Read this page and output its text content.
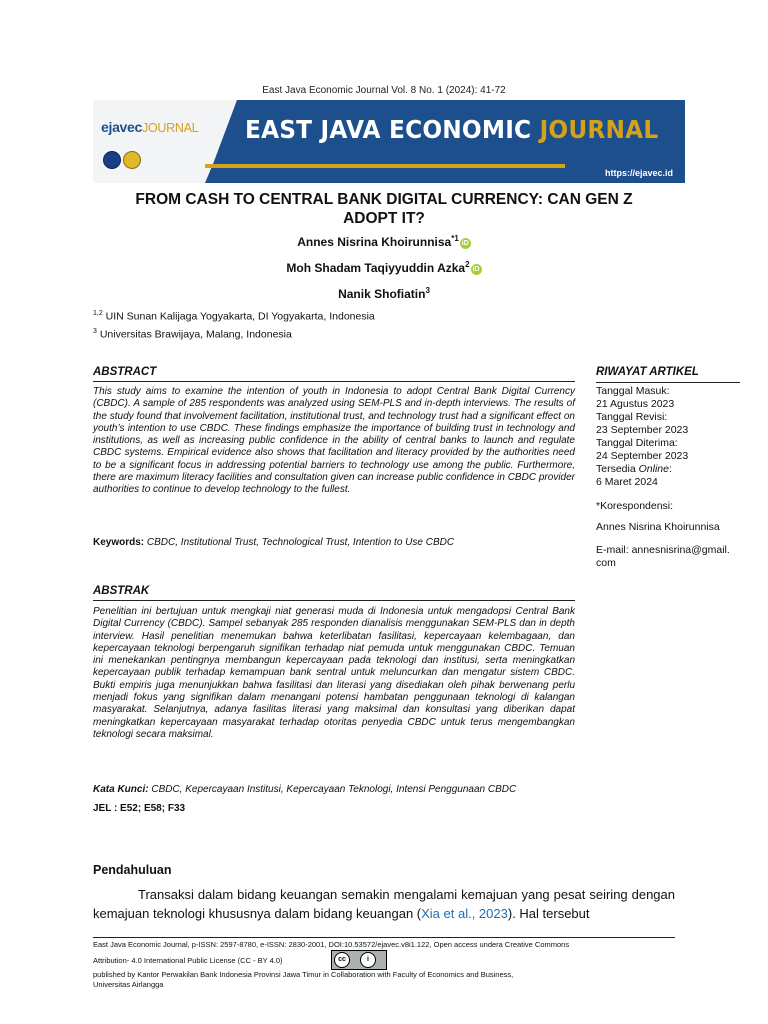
East Java Economic Journal Vol. 8 No. 1 (2024): 41-72
ejavecJOURNAL EAST JAVA ECONOMIC JOURNAL
https://ejavec.id
FROM CASH TO CENTRAL BANK DIGITAL CURRENCY: CAN GEN Z
ADOPT IT?
Annes Nisrina Khoirunnisa$^{*1}$iD
Moh Shadam Taqiyyuddin Azka$^2$iD
Nanik Shofiatin$^3$
$^{1,2}$ UIN Sunan Kalijaga Yogyakarta, DI Yogyakarta, Indonesia
$^3$ Universitas Brawijaya, Malang, Indonesia
ABSTRACT
This study aims to examine the intention of youth in Indonesia to adopt Central Bank Digital Currency (CBDC). A sample of 285 respondents was analyzed using SEM-PLS and in-depth interviews. The results of the study found that involvement facilitation, institutional trust, and technology trust had a significant effect on youth’s intention to use CBDC. These findings emphasize the importance of building trust in technology and institutions, as well as increasing public confidence in the ability of central banks to launch and regulate CBDC systems. Empirical evidence also shows that facilitation and literacy provided by the authorities need to be a significant focus in addressing potential barriers to technology use among the public. Furthermore, there are maximum literacy facilities and consultation given can increase public confidence in CBDC provider authorities to continue to develop technology to the fullest.
Keywords: CBDC, Institutional Trust, Technological Trust, Intention to Use CBDC
ABSTRAK
Penelitian ini bertujuan untuk mengkaji niat generasi muda di Indonesia untuk mengadopsi Central Bank Digital Currency (CBDC). Sampel sebanyak 285 responden dianalisis menggunakan SEM-PLS dan in depth interview. Hasil penelitian menemukan bahwa keterlibatan fasilitasi, kepercayaan kelembagaan, dan kepercayaan teknologi berpengaruh signifikan terhadap niat pemuda untuk menggunakan CBDC. Temuan ini menekankan pentingnya membangun kepercayaan pada teknologi dan institusi, serta meningkatkan kepercayaan publik terhadap kemampuan bank sentral untuk meluncurkan dan mengatur sistem CBDC. Bukti empiris juga menunjukkan bahwa fasilitasi dan literasi yang disediakan oleh pihak berwenang perlu menjadi fokus yang signifikan dalam menangani potensi hambatan penggunaan teknologi di kalangan masyarakat. Selanjutnya, adanya fasilitas literasi yang maksimal dan konsultasi yang diberikan dapat meningkatkan kepercayaan masyarakat terhadap otoritas penyedia CBDC untuk terus mengembangkan teknologi secara maksimal.
Kata Kunci: CBDC, Kepercayaan Institusi, Kepercayaan Teknologi, Intensi Penggunaan CBDC
JEL : E52; E58; F33
RIWAYAT ARTIKEL
Tanggal Masuk:
21 Agustus 2023
Tanggal Revisi:
23 September 2023
Tanggal Diterima:
24 September 2023
Tersedia Online:
6 Maret 2024
*Korespondensi:
Annes Nisrina Khoirunnisa
E-mail: annesnisrina@gmail.
com
Pendahuluan
Transaksi dalam bidang keuangan semakin mengalami kemajuan yang pesat seiring dengan kemajuan teknologi khususnya dalam bidang keuangan (Xia et al., 2023). Hal tersebut
East Java Economic Journal, p-ISSN: 2597-8780, e-ISSN: 2830-2001, DOI:10.53572/ejavec.v8i1.122, Open access undera Creative Commons
Attribution- 4.0 International Public License (CC - BY 4.0)	cc	i
published by Kantor Perwakilan Bank Indonesia Provinsi Jawa Timur in Collaboration with Faculty of Economics and Business,
Universitas Airlangga
